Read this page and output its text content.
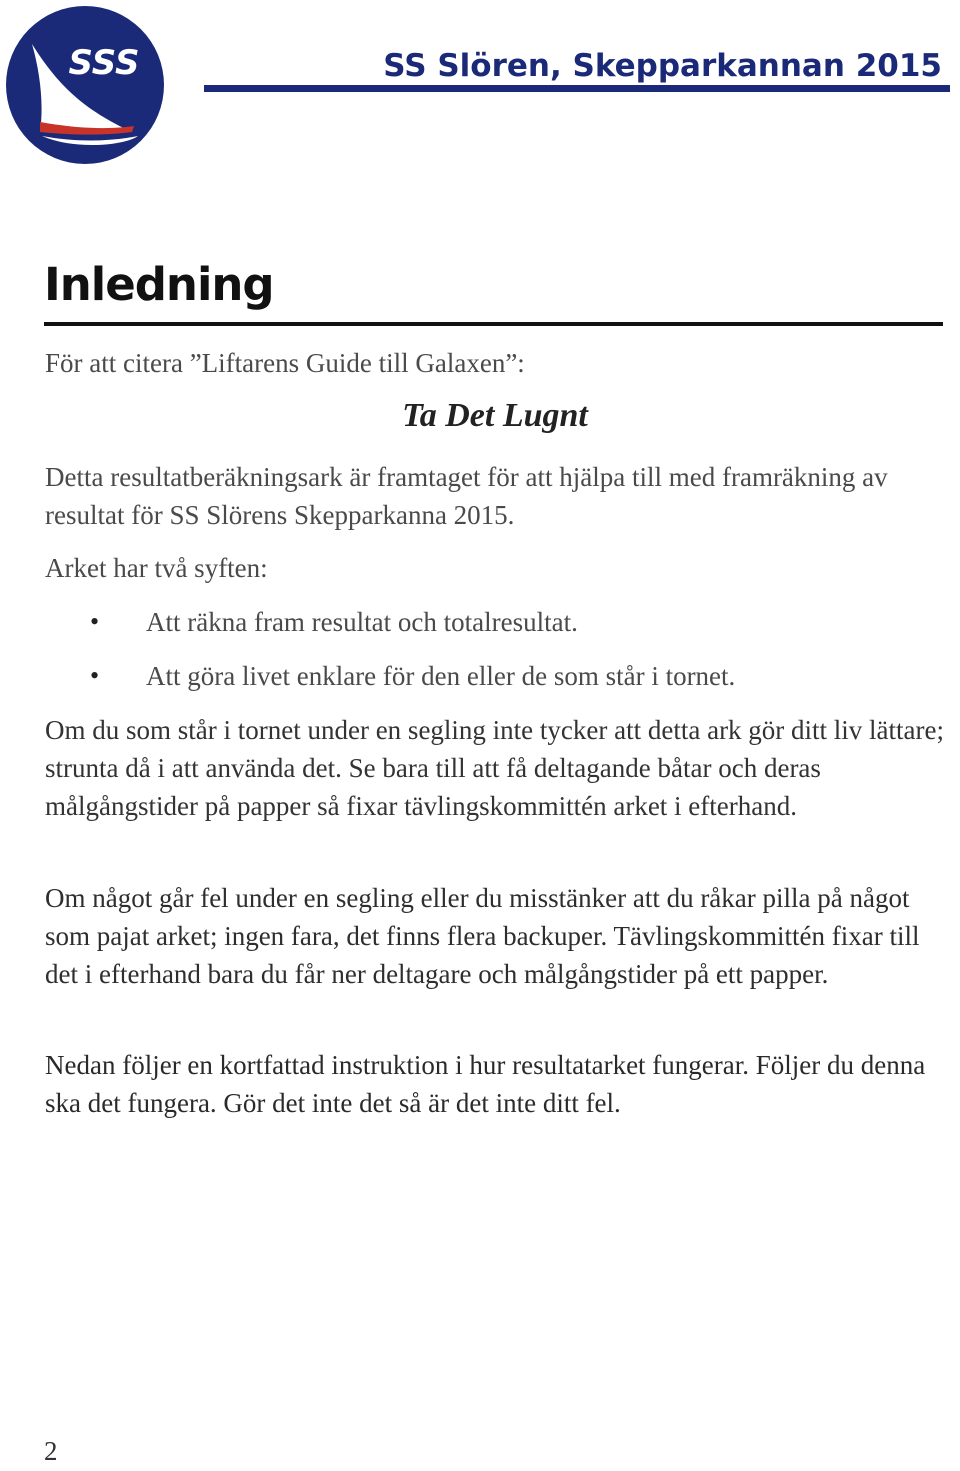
SSS	SS Slören, Skepparkannan 2015
Inledning

För att citera ”Liftarens Guide till Galaxen”:

Ta Det Lugnt

Detta resultatberäkningsark är framtaget för att hjälpa till med framräkning av resultat för SS Slörens Skepparkanna 2015.

Arket har två syften:

• Att räkna fram resultat och totalresultat.
• Att göra livet enklare för den eller de som står i tornet.

Om du som står i tornet under en segling inte tycker att detta ark gör ditt liv lättare; strunta då i att använda det. Se bara till att få deltagande båtar och deras målgångstider på papper så fixar tävlingskommittén arket i efterhand.

Om något går fel under en segling eller du misstänker att du råkar pilla på något som pajat arket; ingen fara, det finns flera backuper. Tävlingskommittén fixar till det i efterhand bara du får ner deltagare och målgångstider på ett papper.

Nedan följer en kortfattad instruktion i hur resultatarket fungerar. Följer du denna ska det fungera. Gör det inte det så är det inte ditt fel.

2
